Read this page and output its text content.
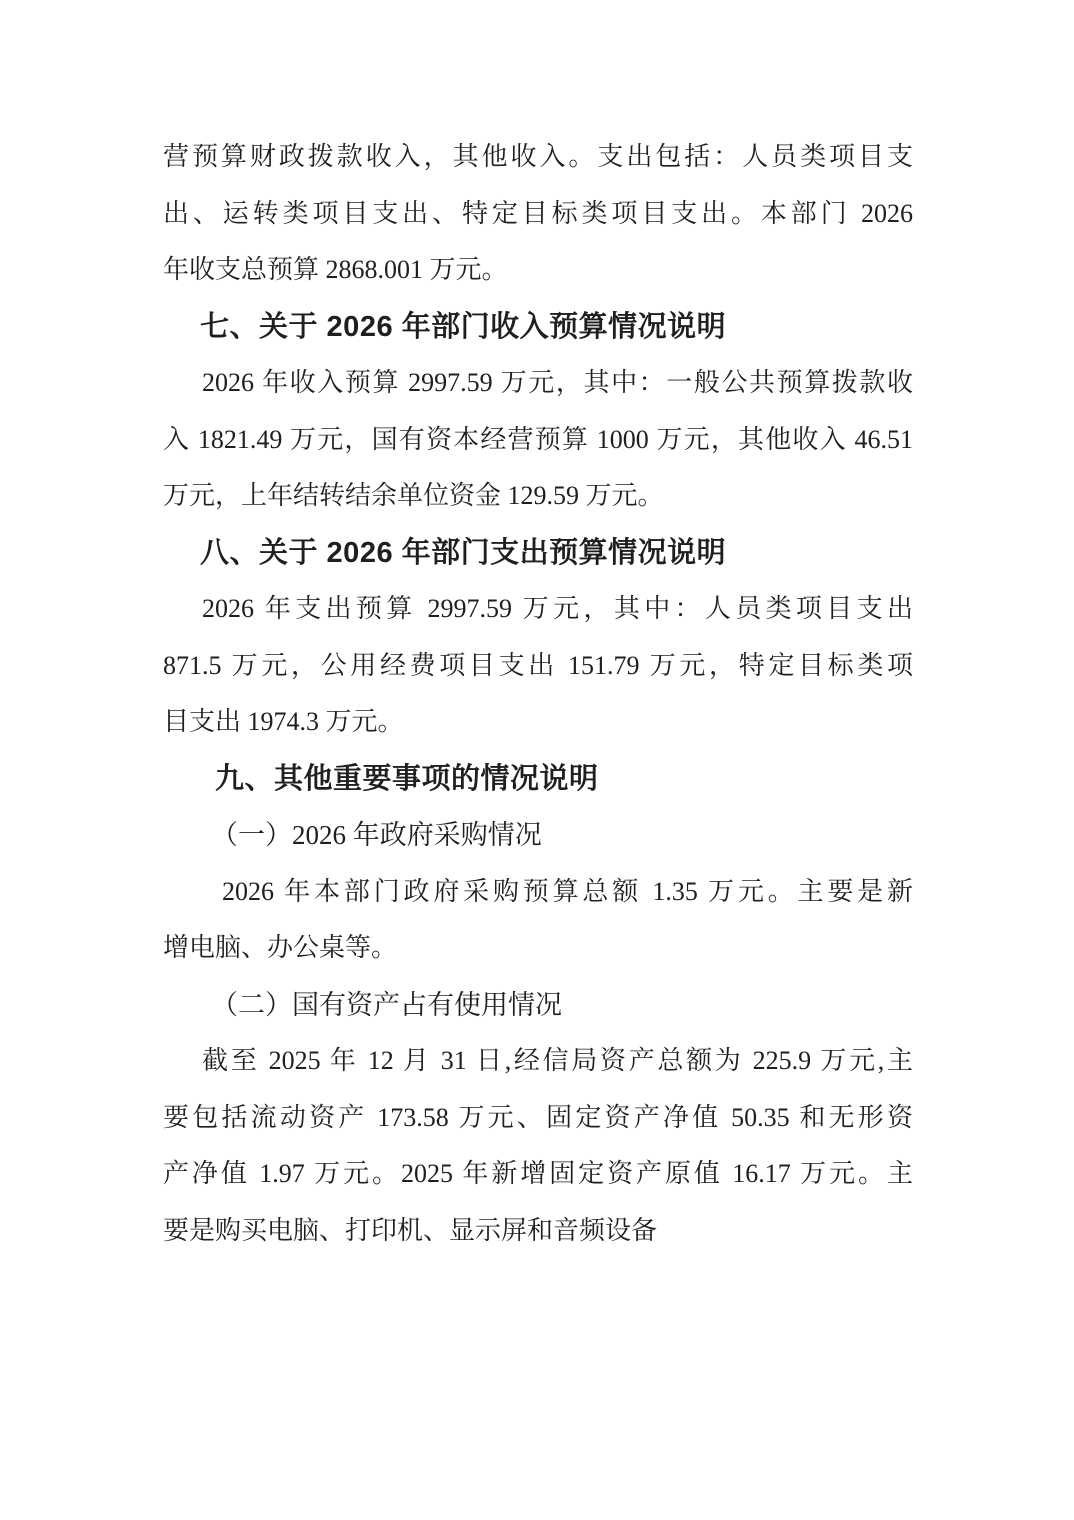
营预算财政拨款收入，其他收入。支出包括：人员类项目支
出、运转类项目支出、特定目标类项目支出。本部门 2026
年收支总预算 2868.001 万元。
七、关于 2026 年部门收入预算情况说明
2026 年收入预算 2997.59 万元，其中：一般公共预算拨款收
入 1821.49 万元，国有资本经营预算 1000 万元，其他收入 46.51
万元，上年结转结余单位资金 129.59 万元。
八、关于 2026 年部门支出预算情况说明
2026 年支出预算 2997.59 万元，其中：人员类项目支出
871.5 万元，公用经费项目支出 151.79 万元，特定目标类项
目支出 1974.3 万元。
九、其他重要事项的情况说明
（一）2026 年政府采购情况
2026 年本部门政府采购预算总额 1.35 万元。主要是新
增电脑、办公桌等。
（二）国有资产占有使用情况
截至 2025 年 12 月 31 日,经信局资产总额为 225.9 万元,主
要包括流动资产 173.58 万元、固定资产净值 50.35 和无形资
产净值 1.97 万元。2025 年新增固定资产原值 16.17 万元。主
要是购买电脑、打印机、显示屏和音频设备
